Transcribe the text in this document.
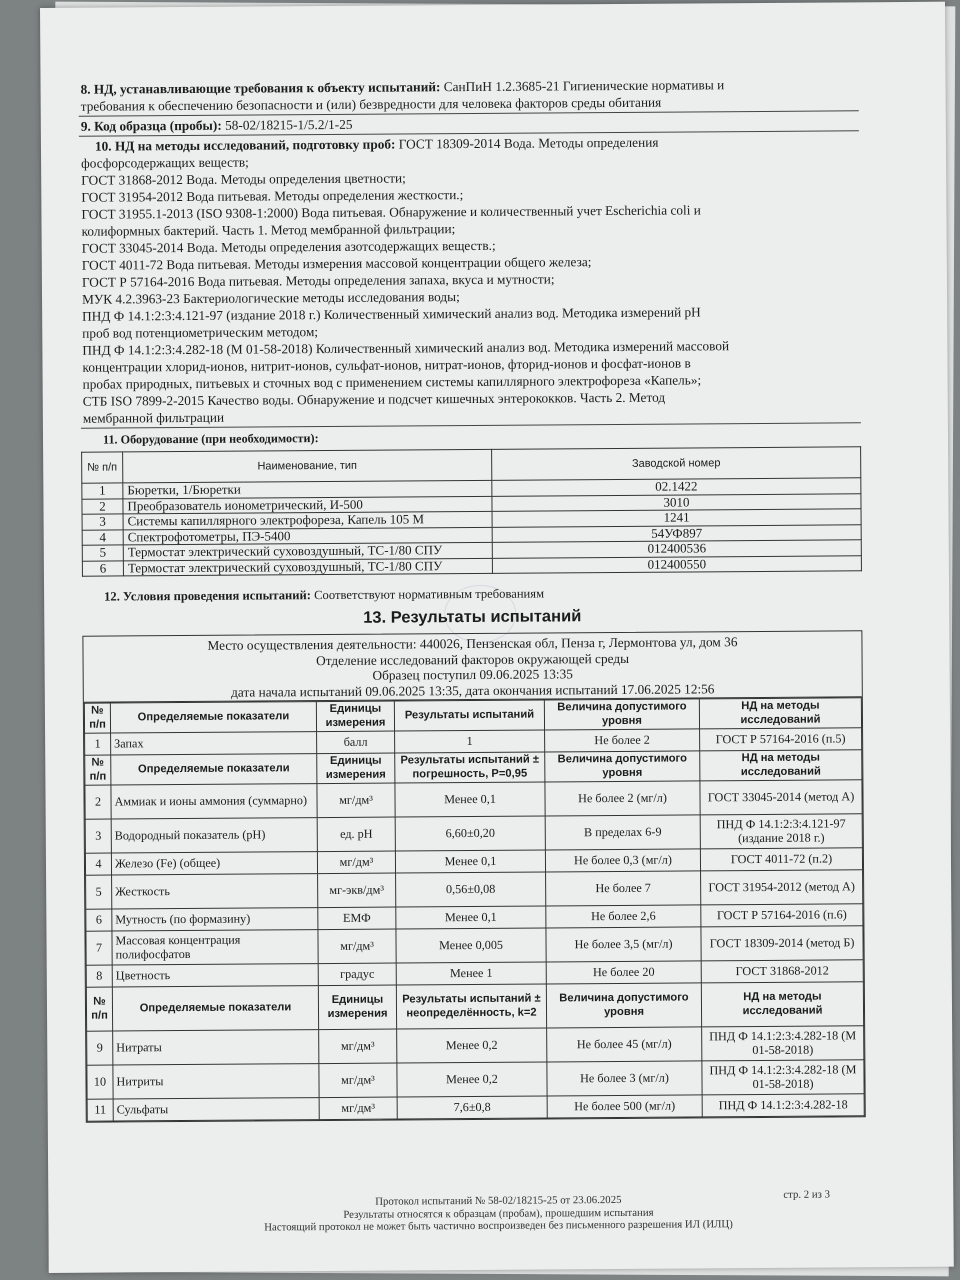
8. НД, устанавливающие требования к объекту испытаний: СанПиН 1.2.3685-21 Гигиенические нормативы и
требования к обеспечению безопасности и (или) безвредности для человека факторов среды обитания
9. Код образца (пробы): 58-02/18215-1/5.2/1-25
10. НД на методы исследований, подготовку проб: ГОСТ 18309-2014 Вода. Методы определения
фосфорсодержащих веществ;
ГОСТ 31868-2012 Вода. Методы определения цветности;
ГОСТ 31954-2012 Вода питьевая. Методы определения жесткости.;
ГОСТ 31955.1-2013 (ISO 9308-1:2000) Вода питьевая. Обнаружение и количественный учет Escherichia coli и
колиформных бактерий. Часть 1. Метод мембранной фильтрации;
ГОСТ 33045-2014 Вода. Методы определения азотсодержащих веществ.;
ГОСТ 4011-72 Вода питьевая. Методы измерения массовой концентрации общего железа;
ГОСТ Р 57164-2016 Вода питьевая. Методы определения запаха, вкуса и мутности;
МУК 4.2.3963-23 Бактериологические методы исследования воды;
ПНД Ф 14.1:2:3:4.121-97 (издание 2018 г.) Количественный химический анализ вод. Методика измерений pH
проб вод потенциометрическим методом;
ПНД Ф 14.1:2:3:4.282-18 (М 01-58-2018) Количественный химический анализ вод. Методика измерений массовой
концентрации хлорид-ионов, нитрит-ионов, сульфат-ионов, нитрат-ионов, фторид-ионов и фосфат-ионов в
пробах природных, питьевых и сточных вод с применением системы капиллярного электрофореза «Капель»;
СТБ ISO 7899-2-2015 Качество воды. Обнаружение и подсчет кишечных энтерококков. Часть 2. Метод
мембранной фильтрации
11. Оборудование (при необходимости):
№ п/п	Наименование, тип	Заводской номер
1	Бюретки, 1/Бюретки	02.1422
2	Преобразователь ионометрический, И-500	3010
3	Системы капиллярного электрофореза, Капель 105 М	1241
4	Спектрофотометры, ПЭ-5400	54УФ897
5	Термостат электрический суховоздушный, ТС-1/80 СПУ	012400536
6	Термостат электрический суховоздушный, ТС-1/80 СПУ	012400550
12. Условия проведения испытаний: Соответствуют нормативным требованиям
13. Результаты испытаний
Место осуществления деятельности: 440026, Пензенская обл, Пенза г, Лермонтова ул, дом 36
Отделение исследований факторов окружающей среды
Образец поступил 09.06.2025 13:35
дата начала испытаний 09.06.2025 13:35, дата окончания испытаний 17.06.2025 12:56
№ п/п	Определяемые показатели	Единицы измерения	Результаты испытаний	Величина допустимого уровня	НД на методы исследований
1	Запах	балл	1	Не более 2	ГОСТ Р 57164-2016 (п.5)
№ п/п	Определяемые показатели	Единицы измерения	Результаты испытаний ± погрешность, Р=0,95	Величина допустимого уровня	НД на методы исследований
2	Аммиак и ионы аммония (суммарно)	мг/дм³	Менее 0,1	Не более 2 (мг/л)	ГОСТ 33045-2014 (метод А)
3	Водородный показатель (pH)	ед. pH	6,60±0,20	В пределах 6-9	ПНД Ф 14.1:2:3:4.121-97 (издание 2018 г.)
4	Железо (Fe) (общее)	мг/дм³	Менее 0,1	Не более 0,3 (мг/л)	ГОСТ 4011-72 (п.2)
5	Жесткость	мг-экв/дм³	0,56±0,08	Не более 7	ГОСТ 31954-2012 (метод А)
6	Мутность (по формазину)	ЕМФ	Менее 0,1	Не более 2,6	ГОСТ Р 57164-2016 (п.6)
7	Массовая концентрация полифосфатов	мг/дм³	Менее 0,005	Не более 3,5 (мг/л)	ГОСТ 18309-2014 (метод Б)
8	Цветность	градус	Менее 1	Не более 20	ГОСТ 31868-2012
№ п/п	Определяемые показатели	Единицы измерения	Результаты испытаний ± неопределённость, k=2	Величина допустимого уровня	НД на методы исследований
9	Нитраты	мг/дм³	Менее 0,2	Не более 45 (мг/л)	ПНД Ф 14.1:2:3:4.282-18 (М 01-58-2018)
10	Нитриты	мг/дм³	Менее 0,2	Не более 3 (мг/л)	ПНД Ф 14.1:2:3:4.282-18 (М 01-58-2018)
11	Сульфаты	мг/дм³	7,6±0,8	Не более 500 (мг/л)	ПНД Ф 14.1:2:3:4.282-18
стр. 2 из 3
Протокол испытаний № 58-02/18215-25 от 23.06.2025
Результаты относятся к образцам (пробам), прошедшим испытания
Настоящий протокол не может быть частично воспроизведен без письменного разрешения ИЛ (ИЛЦ)
